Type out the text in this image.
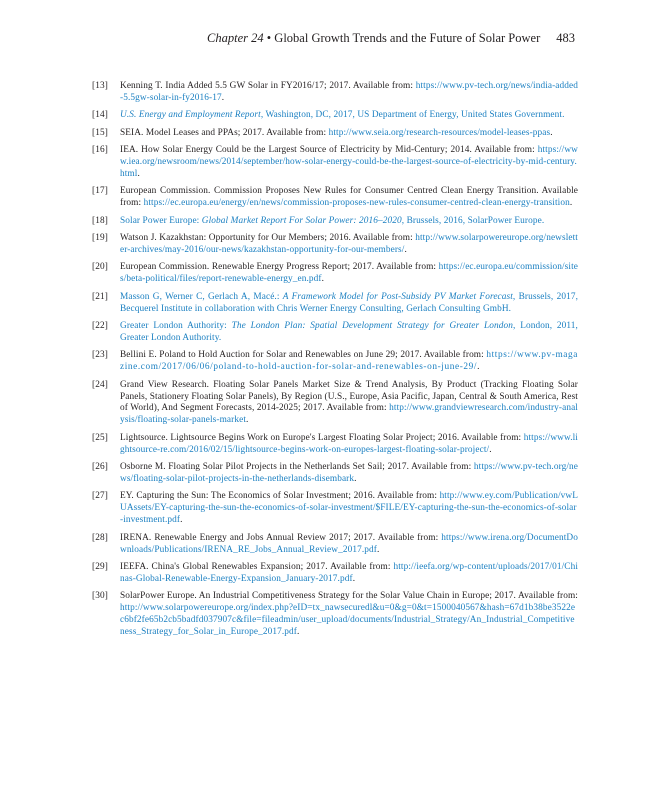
Chapter 24 • Global Growth Trends and the Future of Solar Power 483
[13] Kenning T. India Added 5.5 GW Solar in FY2016/17; 2017. Available from: https://www.pv-tech.org/news/india-added-5.5gw-solar-in-fy2016-17.
[14] U.S. Energy and Employment Report, Washington, DC, 2017, US Department of Energy, United States Government.
[15] SEIA. Model Leases and PPAs; 2017. Available from: http://www.seia.org/research-resources/model-leases-ppas.
[16] IEA. How Solar Energy Could be the Largest Source of Electricity by Mid-Century; 2014. Available from: https://www.iea.org/newsroom/news/2014/september/how-solar-energy-could-be-the-largest-source-of-electricity-by-mid-century.html.
[17] European Commission. Commission Proposes New Rules for Consumer Centred Clean Energy Transition. Available from: https://ec.europa.eu/energy/en/news/commission-proposes-new-rules-consumer-centred-clean-energy-transition.
[18] Solar Power Europe: Global Market Report For Solar Power: 2016–2020, Brussels, 2016, SolarPower Europe.
[19] Watson J. Kazakhstan: Opportunity for Our Members; 2016. Available from: http://www.solarpowereurope.org/newsletter-archives/may-2016/our-news/kazakhstan-opportunity-for-our-members/.
[20] European Commission. Renewable Energy Progress Report; 2017. Available from: https://ec.europa.eu/commission/sites/beta-political/files/report-renewable-energy_en.pdf.
[21] Masson G, Werner C, Gerlach A, Macé.: A Framework Model for Post-Subsidy PV Market Forecast, Brussels, 2017, Becquerel Institute in collaboration with Chris Werner Energy Consulting, Gerlach Consulting GmbH.
[22] Greater London Authority: The London Plan: Spatial Development Strategy for Greater London, London, 2011, Greater London Authority.
[23] Bellini E. Poland to Hold Auction for Solar and Renewables on June 29; 2017. Available from: https://www.pv-magazine.com/2017/06/06/poland-to-hold-auction-for-solar-and-renewables-on-june-29/.
[24] Grand View Research. Floating Solar Panels Market Size & Trend Analysis, By Product (Tracking Floating Solar Panels, Stationery Floating Solar Panels), By Region (U.S., Europe, Asia Pacific, Japan, Central & South America, Rest of World), And Segment Forecasts, 2014-2025; 2017. Available from: http://www.grandviewresearch.com/industry-analysis/floating-solar-panels-market.
[25] Lightsource. Lightsource Begins Work on Europe's Largest Floating Solar Project; 2016. Available from: https://www.lightsource-re.com/2016/02/15/lightsource-begins-work-on-europes-largest-floating-solar-project/.
[26] Osborne M. Floating Solar Pilot Projects in the Netherlands Set Sail; 2017. Available from: https://www.pv-tech.org/news/floating-solar-pilot-projects-in-the-netherlands-disembark.
[27] EY. Capturing the Sun: The Economics of Solar Investment; 2016. Available from: http://www.ey.com/Publication/vwLUAssets/EY-capturing-the-sun-the-economics-of-solar-investment/$FILE/EY-capturing-the-sun-the-economics-of-solar-investment.pdf.
[28] IRENA. Renewable Energy and Jobs Annual Review 2017; 2017. Available from: https://www.irena.org/DocumentDownloads/Publications/IRENA_RE_Jobs_Annual_Review_2017.pdf.
[29] IEEFA. China's Global Renewables Expansion; 2017. Available from: http://ieefa.org/wp-content/uploads/2017/01/Chinas-Global-Renewable-Energy-Expansion_January-2017.pdf.
[30] SolarPower Europe. An Industrial Competitiveness Strategy for the Solar Value Chain in Europe; 2017. Available from: http://www.solarpowereurope.org/index.php?eID=tx_nawsecuredl&u=0&g=0&t=1500040567&hash=67d1b38be3522ec6bf2fe65b2cb5badfd037907c&file=fileadmin/user_upload/documents/Industrial_Strategy/An_Industrial_Competitiveness_Strategy_for_Solar_in_Europe_2017.pdf.
